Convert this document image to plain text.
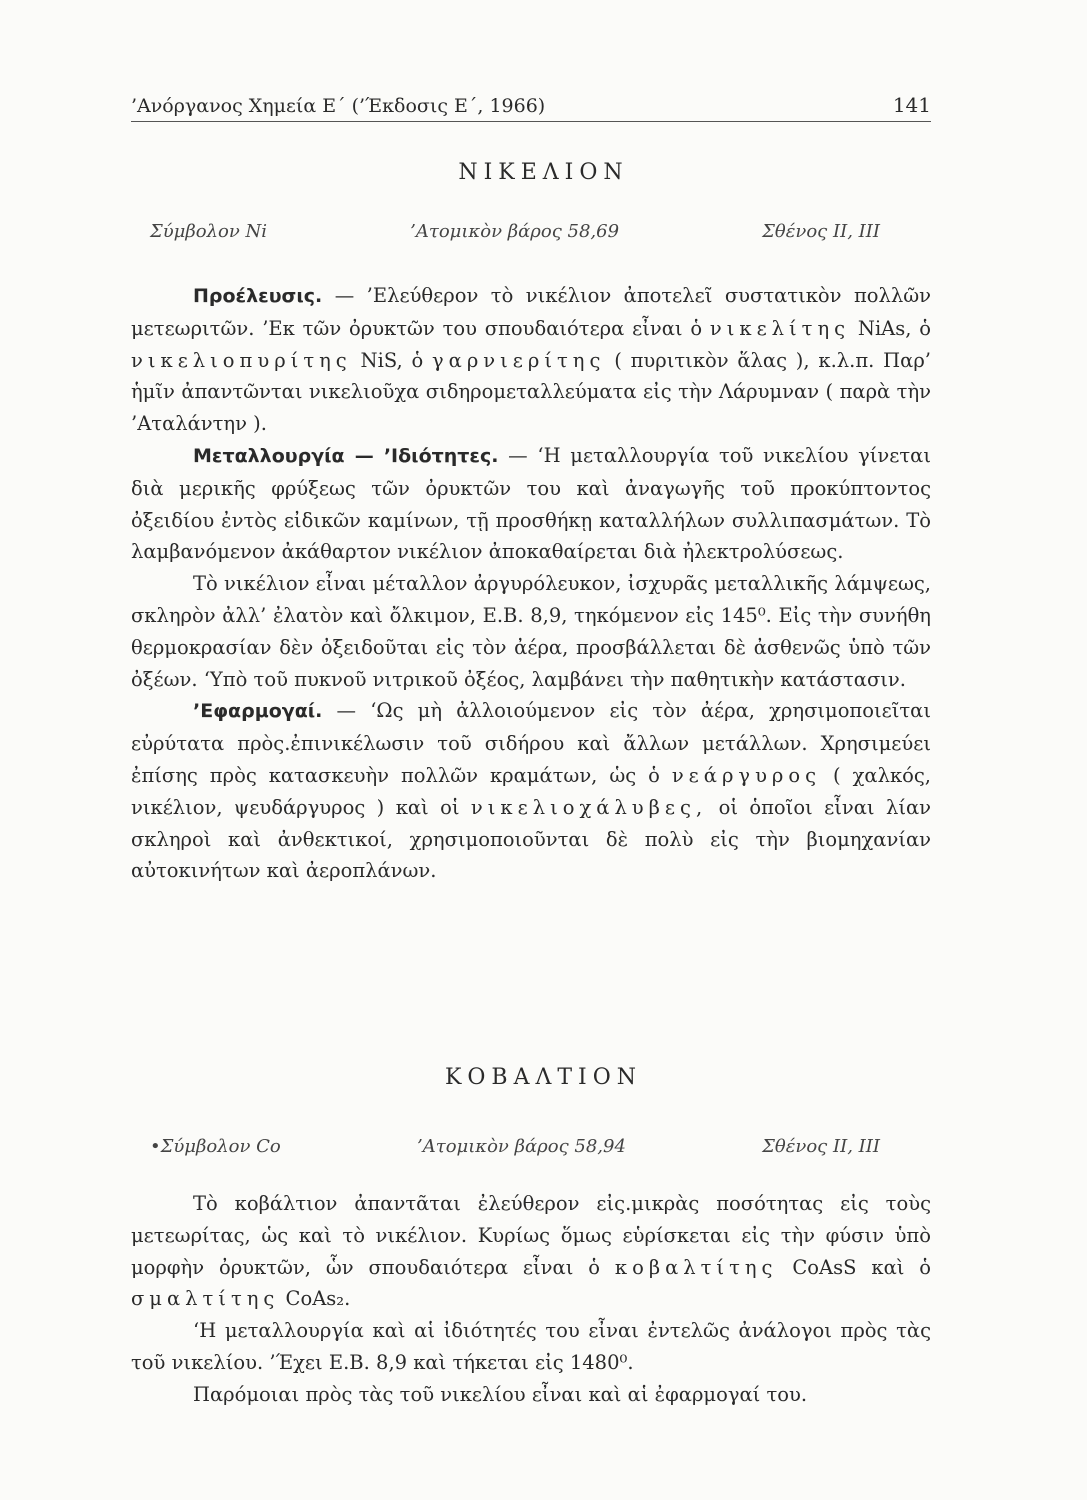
’Ανόργανος Χημεία Ε΄ (’Έκδοσις Ε΄, 1966)	141
ΝΙΚΕΛΙΟΝ
Σύμβολον Ni	’Ατομικὸν βάρος 58,69	Σθένος II, III

Προέλευσις. — ’Ελεύθερον τὸ νικέλιον ἀποτελεῖ συστατικὸν πολλῶν μετεωριτῶν. ’Εκ τῶν ὀρυκτῶν του σπουδαιότερα εἶναι ὁ νικελίτης NiAs, ὁ νικελιοπυρίτης NiS, ὁ γαρνιερίτης ( πυριτικὸν ἅλας ), κ.λ.π. Παρ’ ἡμῖν ἀπαντῶνται νικελιοῦχα σιδηρομεταλλεύματα εἰς τὴν Λάρυμναν ( παρὰ τὴν ’Αταλάντην ).

Μεταλλουργία — ’Ιδιότητες. — ‘Η μεταλλουργία τοῦ νικελίου γίνεται διὰ μερικῆς φρύξεως τῶν ὀρυκτῶν του καὶ ἀναγωγῆς τοῦ προκύπτοντος ὀξειδίου ἐντὸς εἰδικῶν καμίνων, τῇ προσθήκῃ καταλλήλων συλλιπασμάτων. Τὸ λαμβανόμενον ἀκάθαρτον νικέλιον ἀποκαθαίρεται διὰ ἠλεκτρολύσεως.

Τὸ νικέλιον εἶναι μέταλλον ἀργυρόλευκον, ἰσχυρᾶς μεταλλικῆς λάμψεως, σκληρὸν ἀλλ’ ἐλατὸν καὶ ὄλκιμον, Ε.Β. 8,9, τηκόμενον εἰς 145⁰. Εἰς τὴν συνήθη θερμοκρασίαν δὲν ὀξειδοῦται εἰς τὸν ἀέρα, προσβάλλεται δὲ ἀσθενῶς ὑπὸ τῶν ὀξέων. ‘Υπὸ τοῦ πυκνοῦ νιτρικοῦ ὀξέος, λαμβάνει τὴν παθητικὴν κατάστασιν.

’Εφαρμογαί. — ‘Ως μὴ ἀλλοιούμενον εἰς τὸν ἀέρα, χρησιμοποιεῖται εὐρύτατα πρὸς.ἐπινικέλωσιν τοῦ σιδήρου καὶ ἄλλων μετάλλων. Χρησιμεύει ἐπίσης πρὸς κατασκευὴν πολλῶν κραμάτων, ὡς ὁ νεάργυρος ( χαλκός, νικέλιον, ψευδάργυρος ) καὶ οἱ νικελιοχάλυβες, οἱ ὁποῖοι εἶναι λίαν σκληροὶ καὶ ἀνθεκτικοί, χρησιμοποιοῦνται δὲ πολὺ εἰς τὴν βιομηχανίαν αὐτοκινήτων καὶ ἀεροπλάνων.

ΚΟΒΑΛΤΙΟΝ
•Σύμβολον Co	’Ατομικὸν βάρος 58,94	Σθένος II, III

Τὸ κοβάλτιον ἀπαντᾶται ἐλεύθερον εἰς.μικρὰς ποσότητας εἰς τοὺς μετεωρίτας, ὡς καὶ τὸ νικέλιον. Κυρίως ὅμως εὑρίσκεται εἰς τὴν φύσιν ὑπὸ μορφὴν ὀρυκτῶν, ὧν σπουδαιότερα εἶναι ὁ κοβαλτίτης CoAsS καὶ ὁ σμαλτίτης CoAs₂.

‘Η μεταλλουργία καὶ αἱ ἰδιότητές του εἶναι ἐντελῶς ἀνάλογοι πρὸς τὰς τοῦ νικελίου. ’Έχει Ε.Β. 8,9 καὶ τήκεται εἰς 1480⁰.

Παρόμοιαι πρὸς τὰς τοῦ νικελίου εἶναι καὶ αἱ ἐφαρμογαί του.
